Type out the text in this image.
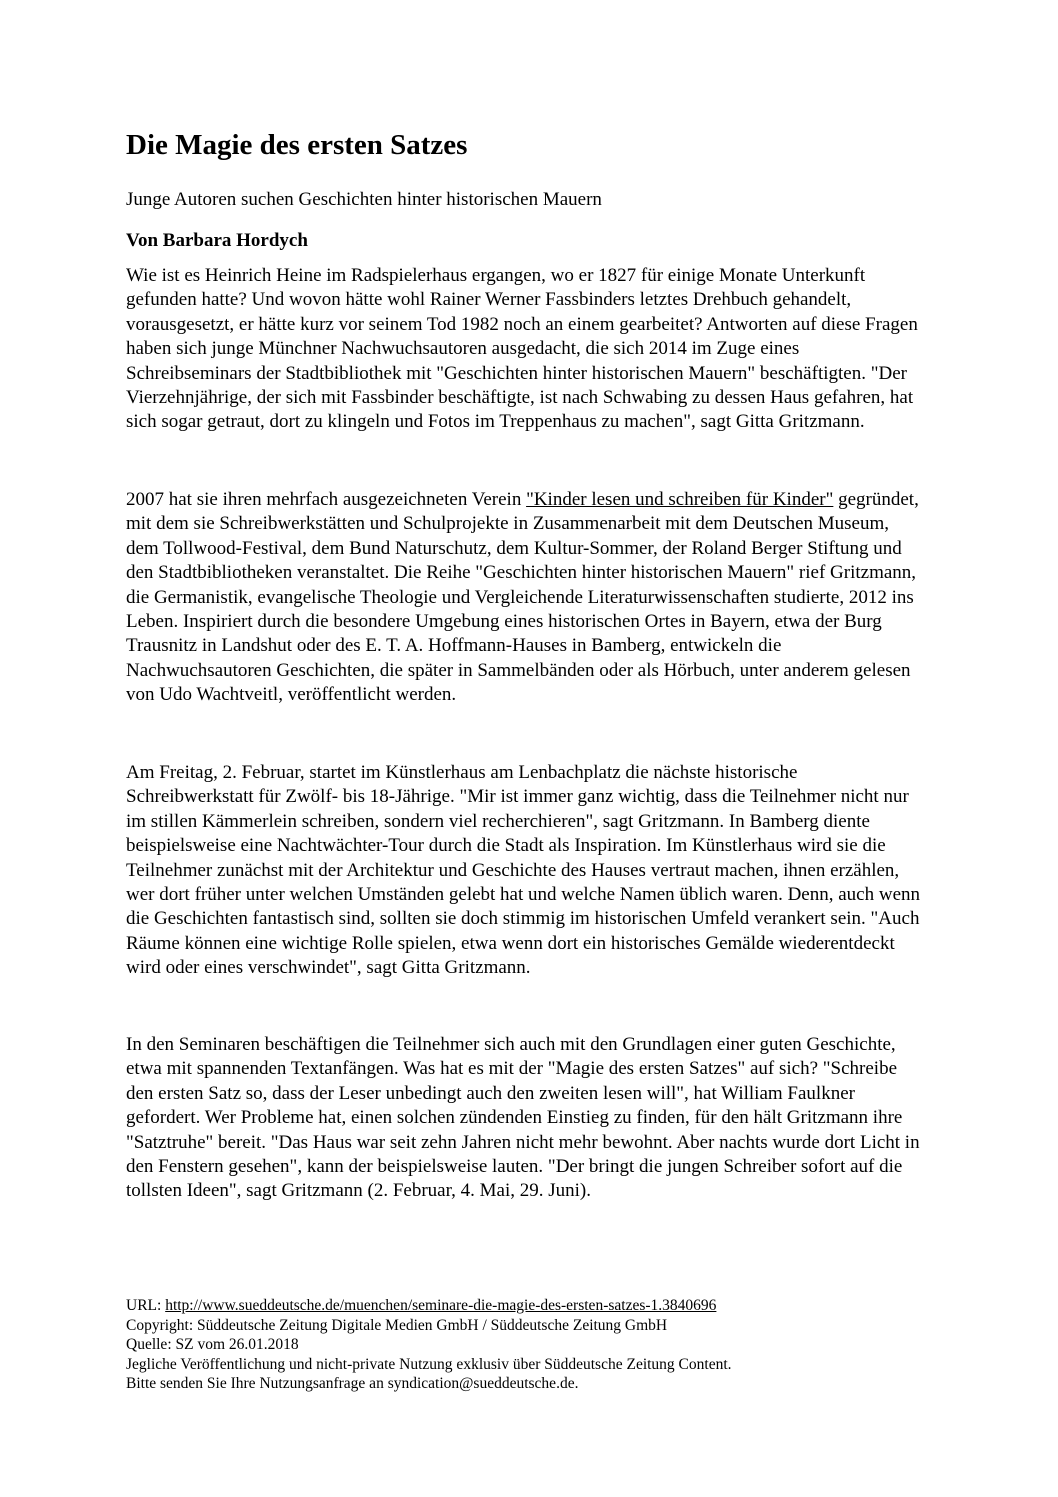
Die Magie des ersten Satzes

Junge Autoren suchen Geschichten hinter historischen Mauern

Von Barbara Hordych

Wie ist es Heinrich Heine im Radspielerhaus ergangen, wo er 1827 für einige Monate Unterkunft gefunden hatte? Und wovon hätte wohl Rainer Werner Fassbinders letztes Drehbuch gehandelt, vorausgesetzt, er hätte kurz vor seinem Tod 1982 noch an einem gearbeitet? Antworten auf diese Fragen haben sich junge Münchner Nachwuchsautoren ausgedacht, die sich 2014 im Zuge eines Schreibseminars der Stadtbibliothek mit "Geschichten hinter historischen Mauern" beschäftigten. "Der Vierzehnjährige, der sich mit Fassbinder beschäftigte, ist nach Schwabing zu dessen Haus gefahren, hat sich sogar getraut, dort zu klingeln und Fotos im Treppenhaus zu machen", sagt Gitta Gritzmann.

2007 hat sie ihren mehrfach ausgezeichneten Verein "Kinder lesen und schreiben für Kinder" gegründet, mit dem sie Schreibwerkstätten und Schulprojekte in Zusammenarbeit mit dem Deutschen Museum, dem Tollwood-Festival, dem Bund Naturschutz, dem Kultur-Sommer, der Roland Berger Stiftung und den Stadtbibliotheken veranstaltet. Die Reihe "Geschichten hinter historischen Mauern" rief Gritzmann, die Germanistik, evangelische Theologie und Vergleichende Literaturwissenschaften studierte, 2012 ins Leben. Inspiriert durch die besondere Umgebung eines historischen Ortes in Bayern, etwa der Burg Trausnitz in Landshut oder des E. T. A. Hoffmann-Hauses in Bamberg, entwickeln die Nachwuchsautoren Geschichten, die später in Sammelbänden oder als Hörbuch, unter anderem gelesen von Udo Wachtveitl, veröffentlicht werden.

Am Freitag, 2. Februar, startet im Künstlerhaus am Lenbachplatz die nächste historische Schreibwerkstatt für Zwölf- bis 18-Jährige. "Mir ist immer ganz wichtig, dass die Teilnehmer nicht nur im stillen Kämmerlein schreiben, sondern viel recherchieren", sagt Gritzmann. In Bamberg diente beispielsweise eine Nachtwächter-Tour durch die Stadt als Inspiration. Im Künstlerhaus wird sie die Teilnehmer zunächst mit der Architektur und Geschichte des Hauses vertraut machen, ihnen erzählen, wer dort früher unter welchen Umständen gelebt hat und welche Namen üblich waren. Denn, auch wenn die Geschichten fantastisch sind, sollten sie doch stimmig im historischen Umfeld verankert sein. "Auch Räume können eine wichtige Rolle spielen, etwa wenn dort ein historisches Gemälde wiederentdeckt wird oder eines verschwindet", sagt Gitta Gritzmann.

In den Seminaren beschäftigen die Teilnehmer sich auch mit den Grundlagen einer guten Geschichte, etwa mit spannenden Textanfängen. Was hat es mit der "Magie des ersten Satzes" auf sich? "Schreibe den ersten Satz so, dass der Leser unbedingt auch den zweiten lesen will", hat William Faulkner gefordert. Wer Probleme hat, einen solchen zündenden Einstieg zu finden, für den hält Gritzmann ihre "Satztruhe" bereit. "Das Haus war seit zehn Jahren nicht mehr bewohnt. Aber nachts wurde dort Licht in den Fenstern gesehen", kann der beispielsweise lauten. "Der bringt die jungen Schreiber sofort auf die tollsten Ideen", sagt Gritzmann (2. Februar, 4. Mai, 29. Juni).

URL: http://www.sueddeutsche.de/muenchen/seminare-die-magie-des-ersten-satzes-1.3840696
Copyright: Süddeutsche Zeitung Digitale Medien GmbH / Süddeutsche Zeitung GmbH
Quelle: SZ vom 26.01.2018
Jegliche Veröffentlichung und nicht-private Nutzung exklusiv über Süddeutsche Zeitung Content.
Bitte senden Sie Ihre Nutzungsanfrage an syndication@sueddeutsche.de.
